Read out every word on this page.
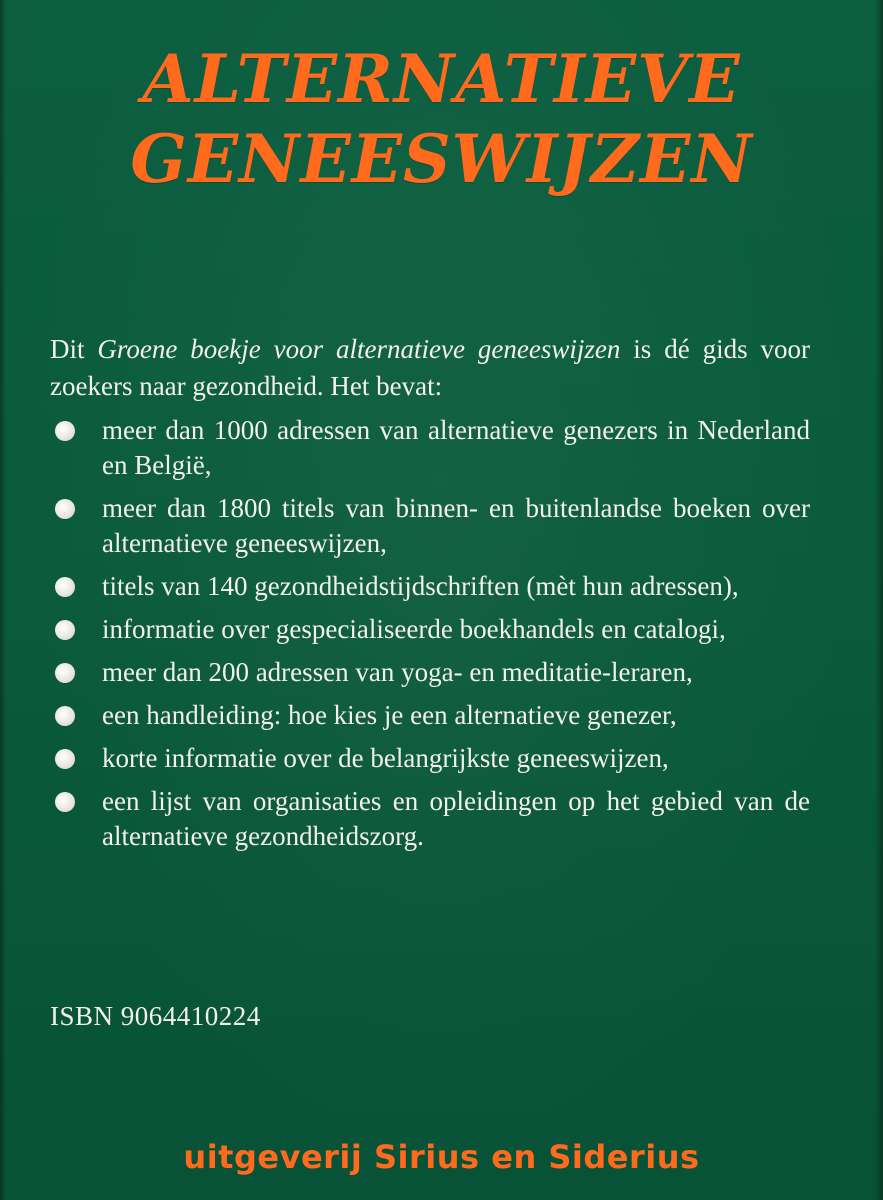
ALTERNATIEVE
GENEESWIJZEN
Dit Groene boekje voor alternatieve geneeswijzen is dé gids voor zoekers naar gezondheid. Het bevat:
meer dan 1000 adressen van alternatieve genezers in Nederland en België,
meer dan 1800 titels van binnen- en buitenlandse boeken over alternatieve geneeswijzen,
titels van 140 gezondheidstijdschriften (mèt hun adressen),
informatie over gespecialiseerde boekhandels en catalogi,
meer dan 200 adressen van yoga- en meditatie-leraren,
een handleiding: hoe kies je een alternatieve genezer,
korte informatie over de belangrijkste geneeswijzen,
een lijst van organisaties en opleidingen op het gebied van de alternatieve gezondheidszorg.
ISBN 9064410224
uitgeverij Sirius en Siderius
